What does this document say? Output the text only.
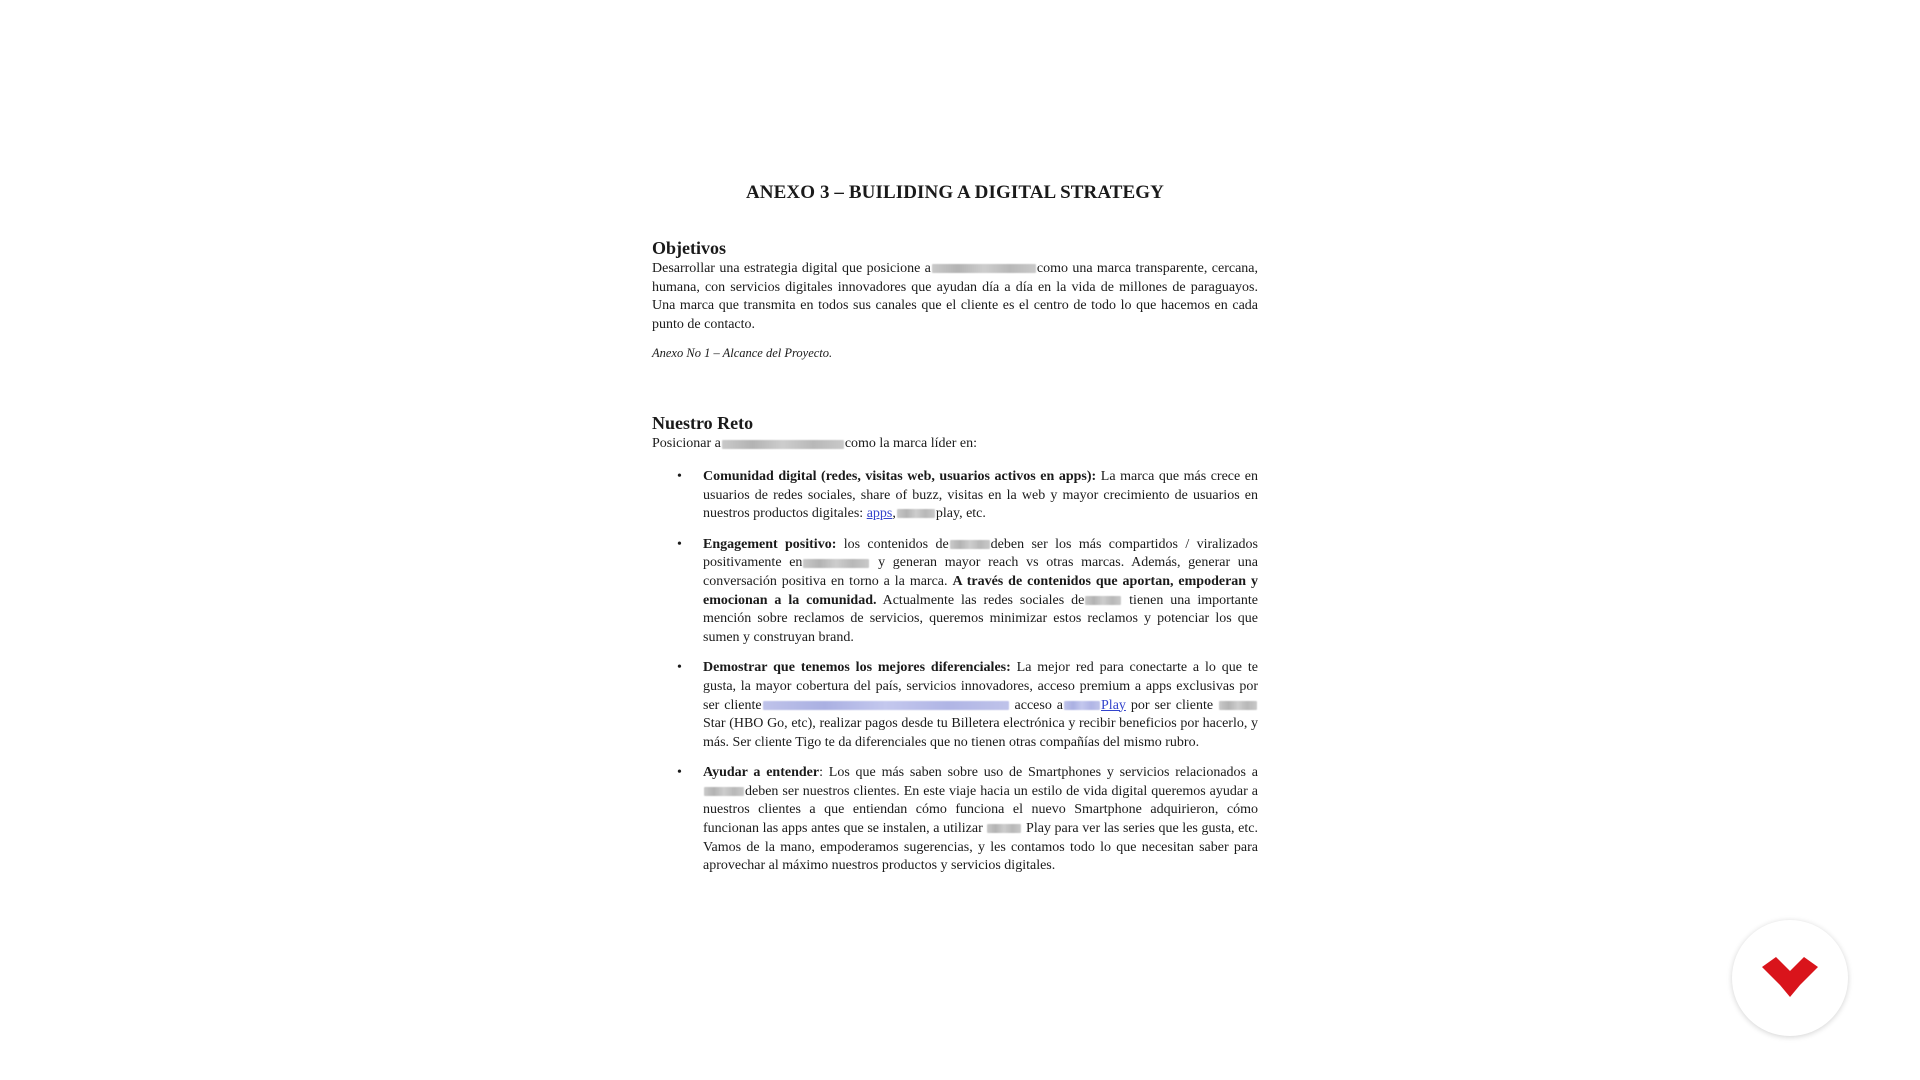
ANEXO 3 – BUILIDING A DIGITAL STRATEGY
Objetivos

Desarrollar una estrategia digital que posicione a	como una marca transparente, cercana, humana, con servicios digitales innovadores que ayudan día a día en la vida de millones de paraguayos. Una marca que transmita en todos sus canales que el cliente es el centro de todo lo que hacemos en cada punto de contacto.

Anexo No 1 – Alcance del Proyecto.
Nuestro Reto

Posicionar a	como la marca líder en:

• Comunidad digital (redes, visitas web, usuarios activos en apps): La marca que más crece en usuarios de redes sociales, share of buzz, visitas en la web y mayor crecimiento de usuarios en nuestros productos digitales: apps,	play, etc.
• Engagement positivo: los contenidos de	deben ser los más compartidos / viralizados positivamente en	y generan mayor reach vs otras marcas. Además, generar una conversación positiva en torno a la marca. A través de contenidos que aportan, empoderan y emocionan a la comunidad. Actualmente las redes sociales de	tienen una importante mención sobre reclamos de servicios, queremos minimizar estos reclamos y potenciar los que sumen y construyan brand.
• Demostrar que tenemos los mejores diferenciales: La mejor red para conectarte a lo que te gusta, la mayor cobertura del país, servicios innovadores, acceso premium a apps exclusivas por ser cliente	acceso a	Play por ser cliente Star (HBO Go, etc), realizar pagos desde tu Billetera electrónica y recibir beneficios por hacerlo, y más. Ser cliente Tigo te da diferenciales que no tienen otras compañías del mismo rubro.
• Ayudar a entender: Los que más saben sobre uso de Smartphones y servicios relacionados adeben ser nuestros clientes. En este viaje hacia un estilo de vida digital queremos ayudar a nuestros clientes a que entiendan cómo funciona el nuevo Smartphone adquirieron, cómo funcionan las apps antes que se instalen, a utilizar	Play para ver las series que les gusta, etc. Vamos de la mano, empoderamos sugerencias, y les contamos todo lo que necesitan saber para aprovechar al máximo nuestros productos y servicios digitales.
